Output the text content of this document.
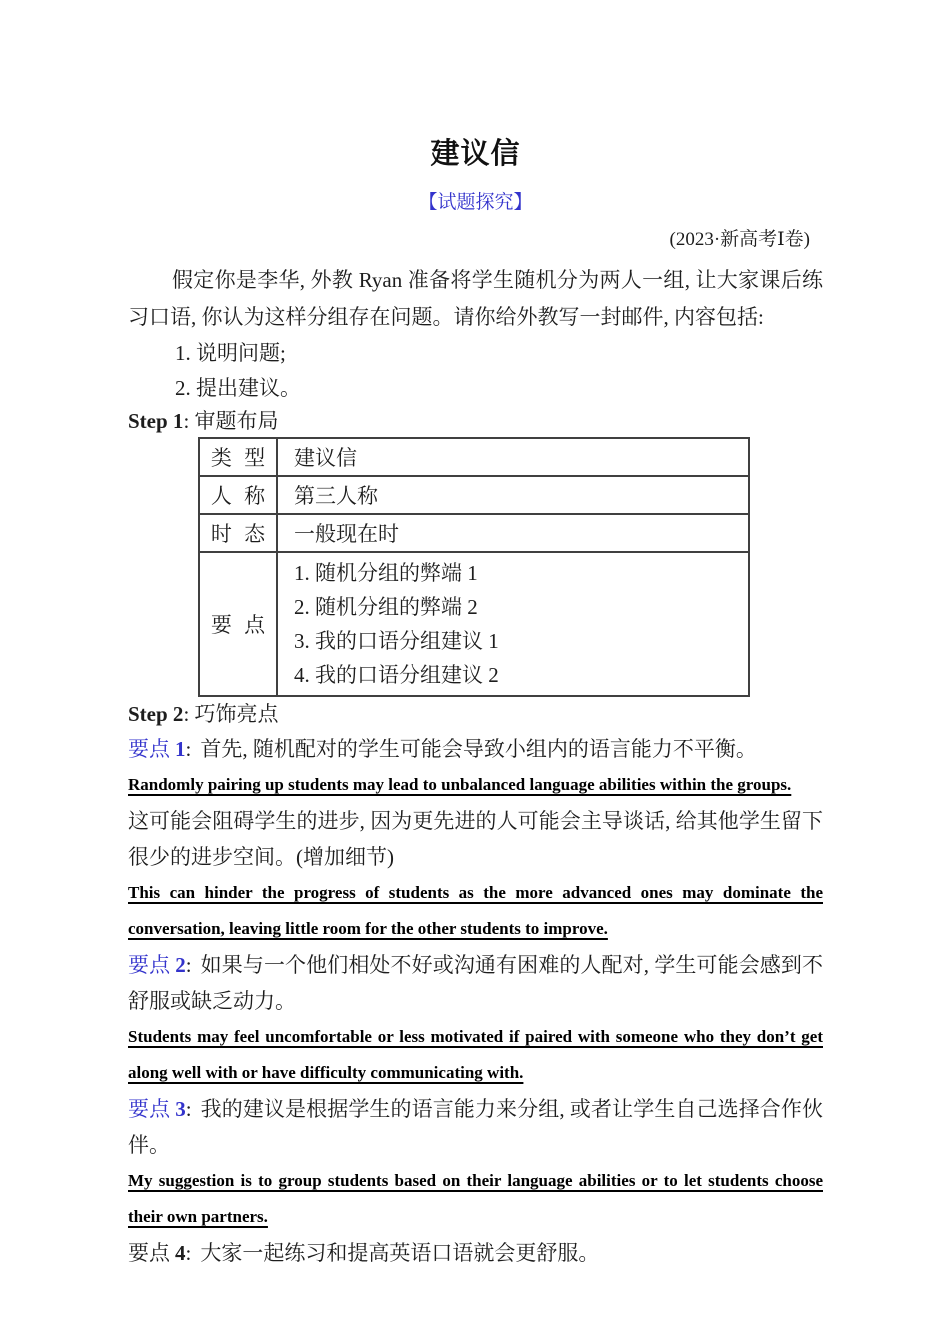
建议信
【试题探究】
(2023·新高考Ⅰ卷)

假定你是李华, 外教 Ryan 准备将学生随机分为两人一组, 让大家课后练习口语, 你认为这样分组存在问题。请你给外教写一封邮件, 内容包括:

1. 说明问题;
2. 提出建议。
Step 1: 审题布局
类 型	建议信
人 称	第三人称
时 态	一般现在时
要 点	1. 随机分组的弊端 1
2. 随机分组的弊端 2
3. 我的口语分组建议 1
4. 我的口语分组建议 2
Step 2: 巧饰亮点

要点 1: 首先, 随机配对的学生可能会导致小组内的语言能力不平衡。

Randomly pairing up students may lead to unbalanced language abilities within the groups.

这可能会阻碍学生的进步, 因为更先进的人可能会主导谈话, 给其他学生留下很少的进步空间。(增加细节)

This can hinder the progress of students as the more advanced ones may dominate the conversation, leaving little room for the other students to improve.

要点 2: 如果与一个他们相处不好或沟通有困难的人配对, 学生可能会感到不舒服或缺乏动力。

Students may feel uncomfortable or less motivated if paired with someone who they don’t get along well with or have difficulty communicating with.

要点 3: 我的建议是根据学生的语言能力来分组, 或者让学生自己选择合作伙伴。

My suggestion is to group students based on their language abilities or to let students choose their own partners.

要点 4: 大家一起练习和提高英语口语就会更舒服。
